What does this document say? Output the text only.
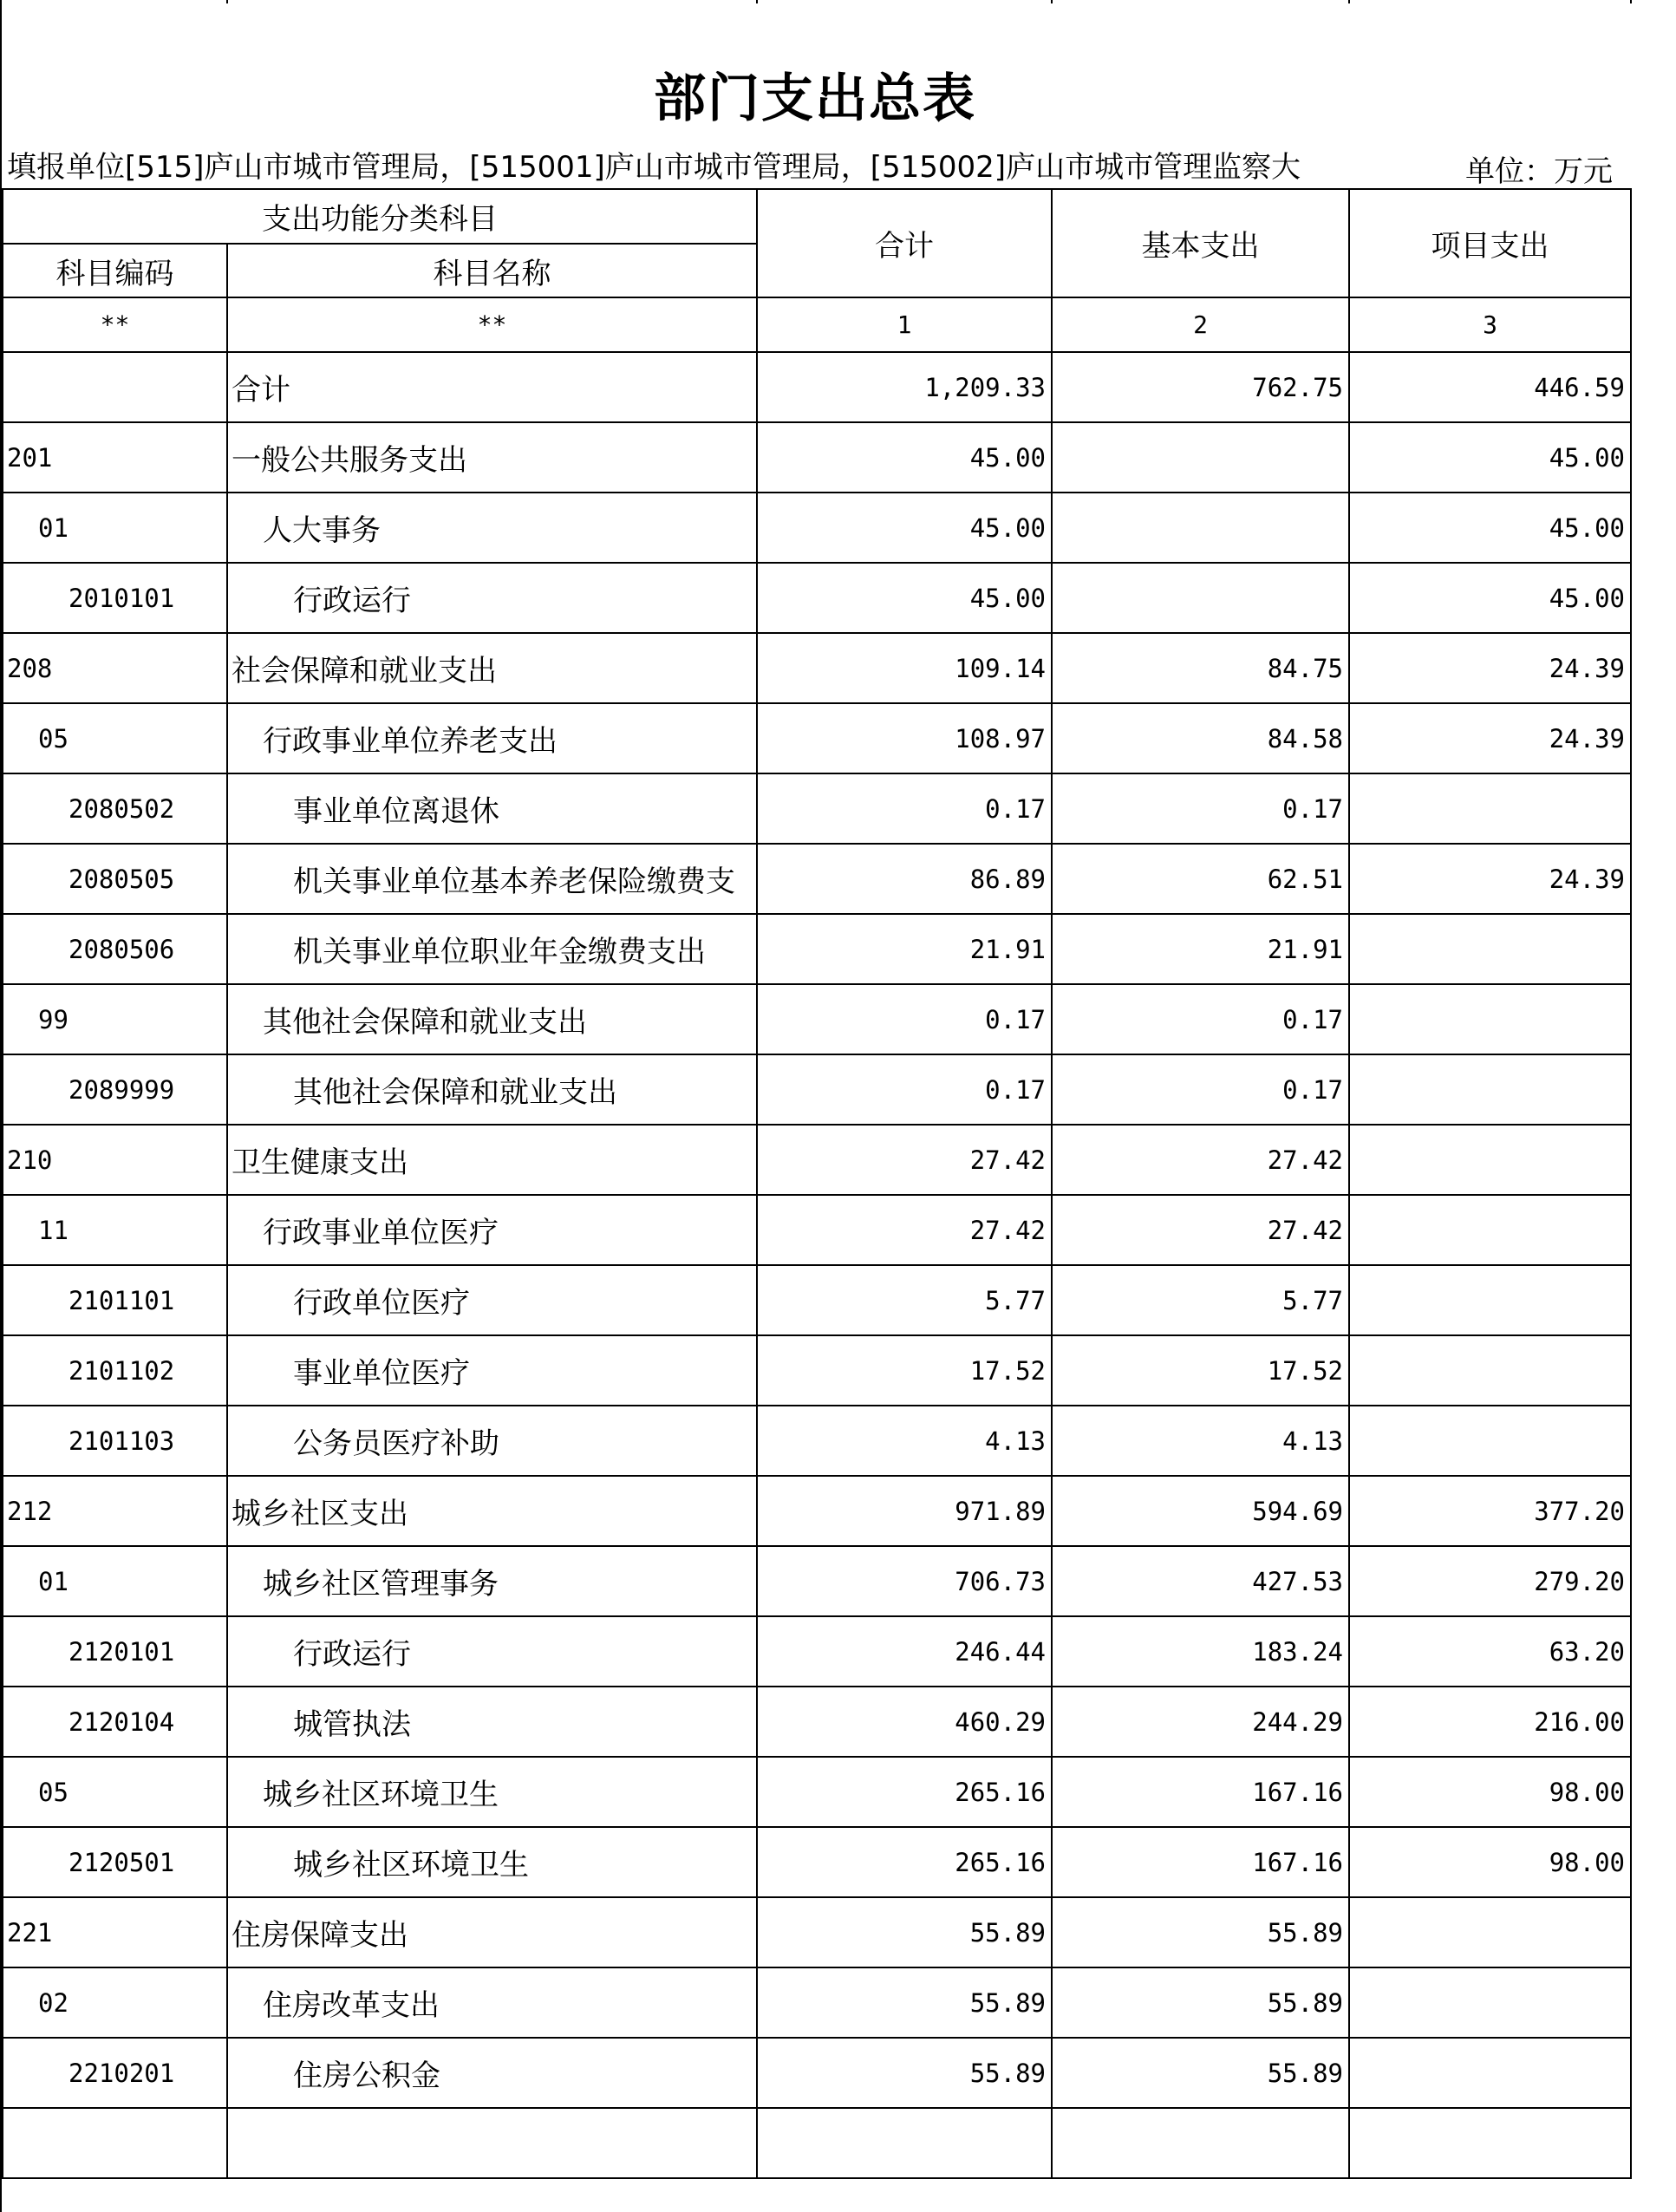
部门支出总表
填报单位[515]庐山市城市管理局，[515001]庐山市城市管理局，[515002]庐山市城市管理监察大	单位：万元
支出功能分类科目		合计	基本支出	项目支出
科目编码	科目名称			
**	**	1	2	3
	合计	1,209.33	762.75	446.59
201	一般公共服务支出	45.00		45.00
01	人大事务	45.00		45.00
2010101	行政运行	45.00		45.00
208	社会保障和就业支出	109.14	84.75	24.39
05	行政事业单位养老支出	108.97	84.58	24.39
2080502	事业单位离退休	0.17	0.17	
2080505	机关事业单位基本养老保险缴费支	86.89	62.51	24.39
2080506	机关事业单位职业年金缴费支出	21.91	21.91	
99	其他社会保障和就业支出	0.17	0.17	
2089999	其他社会保障和就业支出	0.17	0.17	
210	卫生健康支出	27.42	27.42	
11	行政事业单位医疗	27.42	27.42	
2101101	行政单位医疗	5.77	5.77	
2101102	事业单位医疗	17.52	17.52	
2101103	公务员医疗补助	4.13	4.13	
212	城乡社区支出	971.89	594.69	377.20
01	城乡社区管理事务	706.73	427.53	279.20
2120101	行政运行	246.44	183.24	63.20
2120104	城管执法	460.29	244.29	216.00
05	城乡社区环境卫生	265.16	167.16	98.00
2120501	城乡社区环境卫生	265.16	167.16	98.00
221	住房保障支出	55.89	55.89	
02	住房改革支出	55.89	55.89	
2210201	住房公积金	55.89	55.89	
